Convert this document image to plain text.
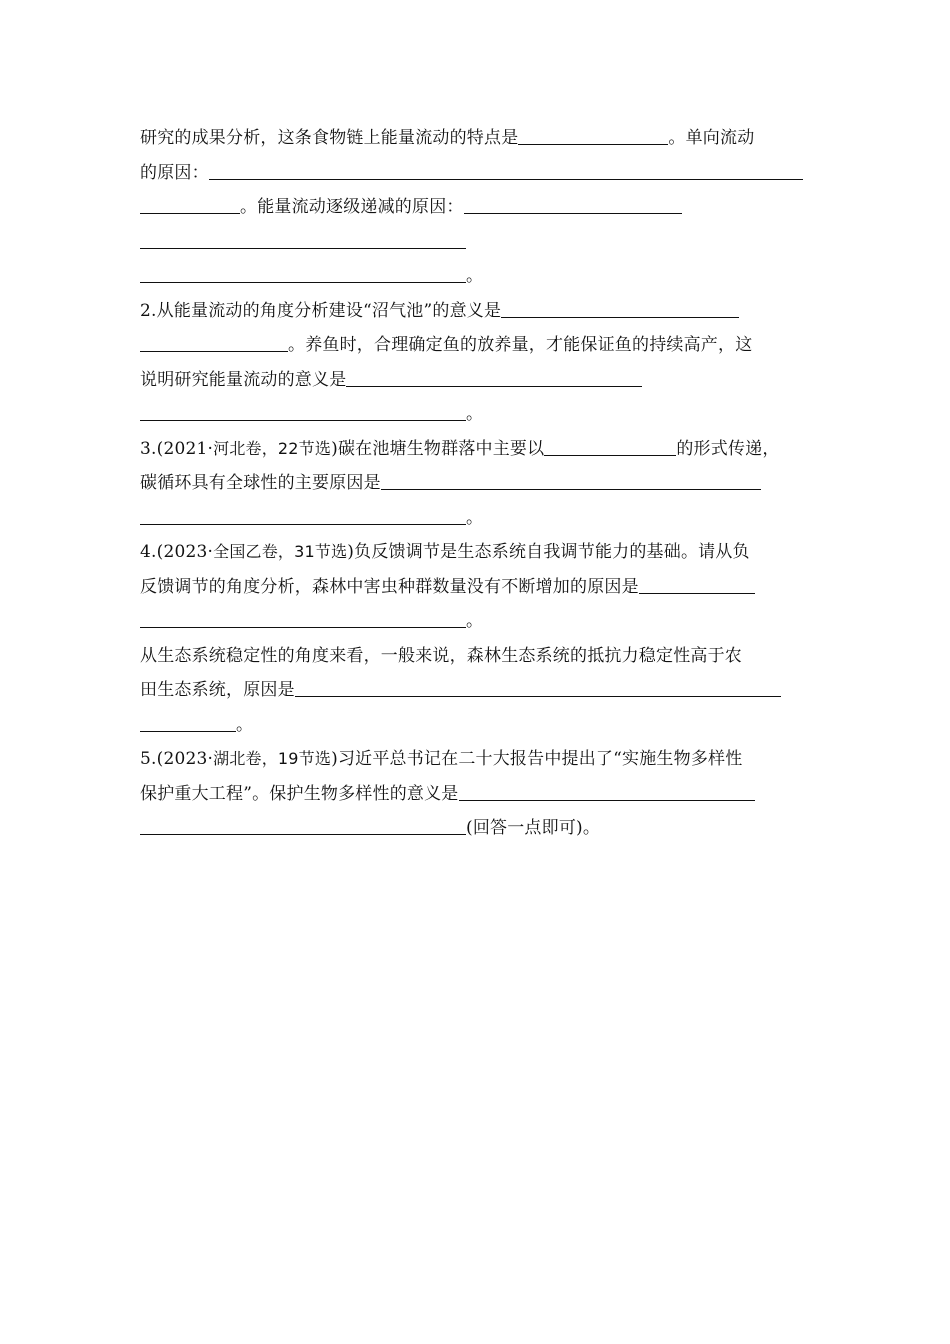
研究的成果分析，这条食物链上能量流动的特点是	。单向流动
的原因：
。能量流动逐级递减的原因：
。
2.从能量流动的角度分析建设“沼气池”的意义是
。养鱼时，合理确定鱼的放养量，才能保证鱼的持续高产，这
说明研究能量流动的意义是
。
3.(2021·河北卷，22节选)碳在池塘生物群落中主要以	的形式传递，
碳循环具有全球性的主要原因是
。
4.(2023·全国乙卷，31节选)负反馈调节是生态系统自我调节能力的基础。请从负
反馈调节的角度分析，森林中害虫种群数量没有不断增加的原因是
。
从生态系统稳定性的角度来看，一般来说，森林生态系统的抵抗力稳定性高于农
田生态系统，原因是
。
5.(2023·湖北卷，19节选)习近平总书记在二十大报告中提出了“实施生物多样性
保护重大工程”。保护生物多样性的意义是
(回答一点即可)。
